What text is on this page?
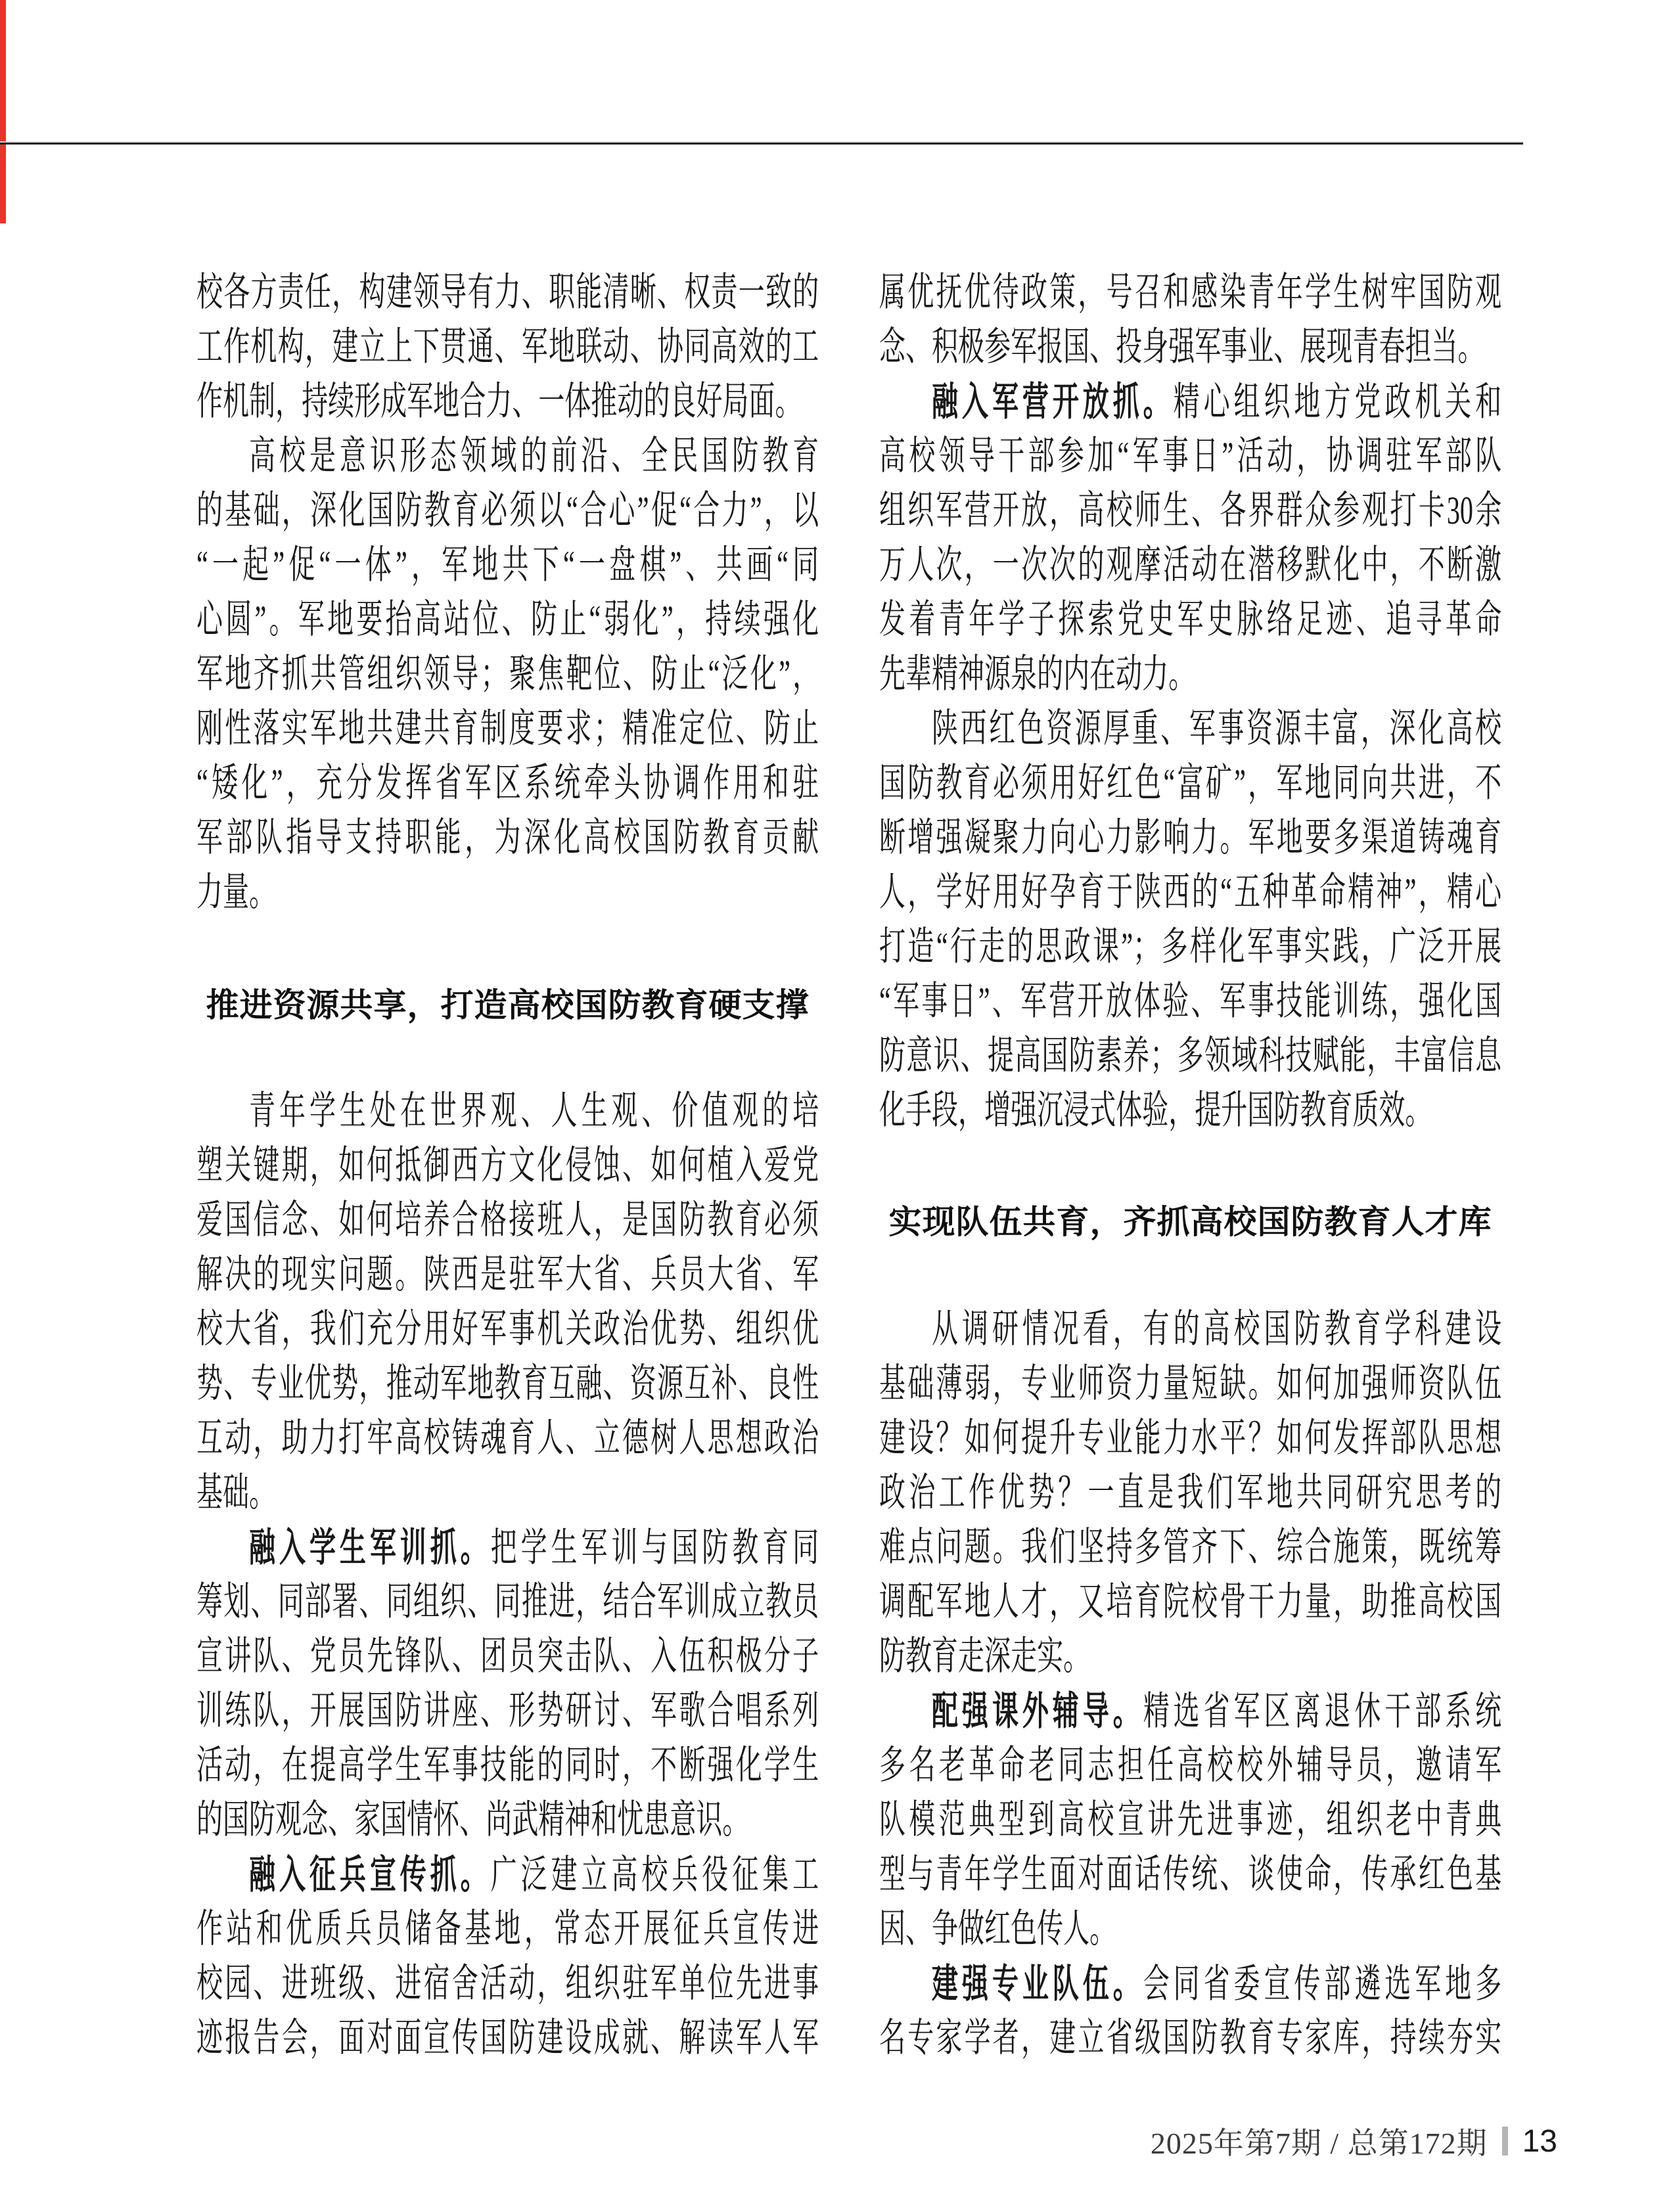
校各方责任，构建领导有力、职能清晰、权责一致的
工作机构，建立上下贯通、军地联动、协同高效的工
作机制，持续形成军地合力、一体推动的良好局面。
高校是意识形态领域的前沿、全民国防教育
的基础，深化国防教育必须以“合心”促“合力”，以
“一起”促“一体”，军地共下“一盘棋”、共画“同
心圆”。军地要抬高站位、防止“弱化”，持续强化
军地齐抓共管组织领导；聚焦靶位、防止“泛化”，
刚性落实军地共建共育制度要求；精准定位、防止
“矮化”，充分发挥省军区系统牵头协调作用和驻
军部队指导支持职能，为深化高校国防教育贡献
力量。
推进资源共享，打造高校国防教育硬支撑
青年学生处在世界观、人生观、价值观的培
塑关键期，如何抵御西方文化侵蚀、如何植入爱党
爱国信念、如何培养合格接班人，是国防教育必须
解决的现实问题。陕西是驻军大省、兵员大省、军
校大省，我们充分用好军事机关政治优势、组织优
势、专业优势，推动军地教育互融、资源互补、良性
互动，助力打牢高校铸魂育人、立德树人思想政治
基础。
融入学生军训抓。把学生军训与国防教育同
筹划、同部署、同组织、同推进，结合军训成立教员
宣讲队、党员先锋队、团员突击队、入伍积极分子
训练队，开展国防讲座、形势研讨、军歌合唱系列
活动，在提高学生军事技能的同时，不断强化学生
的国防观念、家国情怀、尚武精神和忧患意识。
融入征兵宣传抓。广泛建立高校兵役征集工
作站和优质兵员储备基地，常态开展征兵宣传进
校园、进班级、进宿舍活动，组织驻军单位先进事
迹报告会，面对面宣传国防建设成就、解读军人军
属优抚优待政策，号召和感染青年学生树牢国防观
念、积极参军报国、投身强军事业、展现青春担当。
融入军营开放抓。精心组织地方党政机关和
高校领导干部参加“军事日”活动，协调驻军部队
组织军营开放，高校师生、各界群众参观打卡30余
万人次，一次次的观摩活动在潜移默化中，不断激
发着青年学子探索党史军史脉络足迹、追寻革命
先辈精神源泉的内在动力。
陕西红色资源厚重、军事资源丰富，深化高校
国防教育必须用好红色“富矿”，军地同向共进，不
断增强凝聚力向心力影响力。军地要多渠道铸魂育
人，学好用好孕育于陕西的“五种革命精神”，精心
打造“行走的思政课”；多样化军事实践，广泛开展
“军事日”、军营开放体验、军事技能训练，强化国
防意识、提高国防素养；多领域科技赋能，丰富信息
化手段，增强沉浸式体验，提升国防教育质效。
实现队伍共育，齐抓高校国防教育人才库
从调研情况看，有的高校国防教育学科建设
基础薄弱，专业师资力量短缺。如何加强师资队伍
建设？如何提升专业能力水平？如何发挥部队思想
政治工作优势？一直是我们军地共同研究思考的
难点问题。我们坚持多管齐下、综合施策，既统筹
调配军地人才，又培育院校骨干力量，助推高校国
防教育走深走实。
配强课外辅导。精选省军区离退休干部系统
多名老革命老同志担任高校校外辅导员，邀请军
队模范典型到高校宣讲先进事迹，组织老中青典
型与青年学生面对面话传统、谈使命，传承红色基
因、争做红色传人。
建强专业队伍。会同省委宣传部遴选军地多
名专家学者，建立省级国防教育专家库，持续夯实
2025年第7期 / 总第172期 13
